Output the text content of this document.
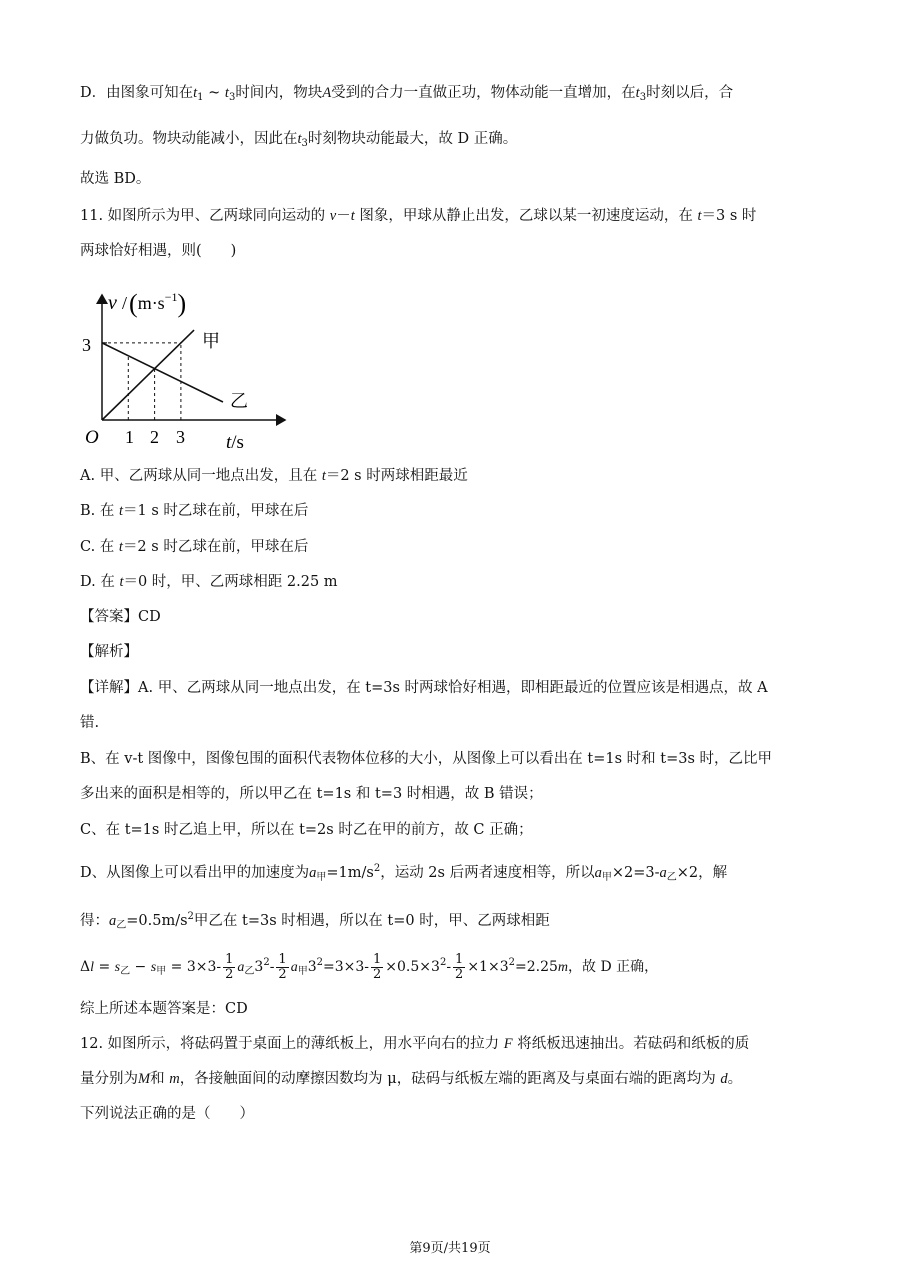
D．由图象可知在$t_1$ ~ $t_3$时间内，物块A受到的合力一直做正功，物体动能一直增加，在$t_3$时刻以后，合
力做负功。物块动能减小，因此在$t_3$时刻物块动能最大，故 D 正确。
故选 BD。
11. 如图所示为甲、乙两球同向运动的 v－t 图象，甲球从静止出发，乙球以某一初速度运动，在 t＝3 s 时
两球恰好相遇，则(　　)
v $/(m\cdot s^{-1})$
3
O 1 2 3 t/s
甲
乙
A. 甲、乙两球从同一地点出发，且在 t＝2 s 时两球相距最近
B. 在 t＝1 s 时乙球在前，甲球在后
C. 在 t＝2 s 时乙球在前，甲球在后
D. 在 t＝0 时，甲、乙两球相距 2.25 m
【答案】CD
【解析】
【详解】A. 甲、乙两球从同一地点出发，在 t=3s 时两球恰好相遇，即相距最近的位置应该是相遇点，故 A
错.
B、在 v-t 图像中，图像包围的面积代表物体位移的大小，从图像上可以看出在 t=1s 时和 t=3s 时，乙比甲
多出来的面积是相等的，所以甲乙在 t=1s 和 t=3 时相遇，故 B 错误；
C、在 t=1s 时乙追上甲，所以在 t=2s 时乙在甲的前方，故 C 正确；
D、从图像上可以看出甲的加速度为$a_甲=1m/s^2$，运动 2s 后两者速度相等，所以$a_甲\times 2=3-a_乙\times 2$，解
得：$a_乙=0.5m/s^2$甲乙在 t=3s 时相遇，所以在 t=0 时，甲、乙两球相距
$\Delta l = s_乙 - s_甲 = 3\times 3- \frac{1}{2} a_乙3^2- \frac{1}{2} a_甲3^2=3\times 3- \frac{1}{2} \times 0.5\times 3^2- \frac{1}{2} \times 1\times 3^2=2.25m$，故 D 正确，
综上所述本题答案是：CD
12. 如图所示，将砝码置于桌面上的薄纸板上，用水平向右的拉力 F 将纸板迅速抽出。若砝码和纸板的质
量分别为M和 m，各接触面间的动摩擦因数均为 μ，砝码与纸板左端的距离及与桌面右端的距离均为 d。
下列说法正确的是（　　）
第9页/共19页
